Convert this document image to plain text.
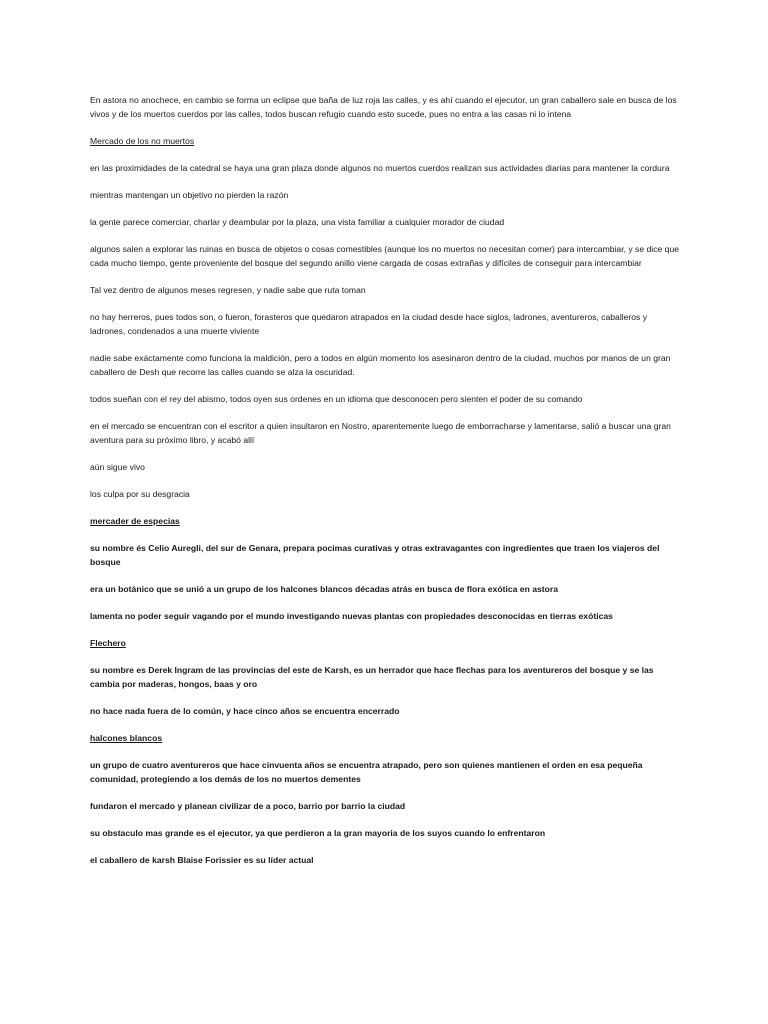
En astora no anochece, en cambio se forma un eclipse que baña de luz roja las calles, y es ahí cuando el ejecutor, un gran caballero sale en busca de los vivos y de los muertos cuerdos por las calles, todos buscan refugio cuando esto sucede, pues no entra a las casas ni lo intena

Mercado de los no muertos

en las proximidades de la catedral se haya una gran plaza donde algunos no muertos cuerdos realizan sus actividades diarias para mantener la cordura

mientras mantengan un objetivo no pierden la razón

la gente parece comerciar, charlar y deambular por la plaza, una vista familiar a cualquier morador de ciudad

algunos salen a explorar las ruinas en busca de objetos o cosas comestibles (aunque los no muertos no necesitan comer) para intercambiar, y se dice que cada mucho tiempo, gente proveniente del bosque del segundo anillo viene cargada de cosas extrañas y difíciles de conseguir para intercambiar

Tal vez dentro de algunos meses regresen, y nadie sabe que ruta toman

no hay herreros, pues todos son, o fueron, forasteros que quedaron atrapados en la ciudad desde hace siglos, ladrones, aventureros, caballeros y ladrones, condenados a una muerte viviente

nadie sabe exáctamente como funciona la maldición, pero a todos en algún momento los asesinaron dentro de la ciudad, muchos por manos de un gran caballero de Desh que recorre las calles cuando se alza la oscuridad.

todos sueñan con el rey del abismo, todos oyen sus ordenes en un idioma que desconocen pero sienten el poder de su comando

en el mercado se encuentran con el escritor a quien insultaron en Nostro, aparentemente luego de emborracharse y lamentarse, salió a buscar una gran aventura para su próximo libro, y acabó allí

aún sigue vivo

los culpa por su desgracia

mercader de especias

su nombre és Celio Auregli, del sur de Genara, prepara pocimas curativas y otras extravagantes con ingredientes que traen los viajeros del bosque

era un botánico que se unió a un grupo de los halcones blancos décadas atrás en busca de flora exótica en astora

lamenta no poder seguir vagando por el mundo investigando nuevas plantas con propiedades desconocidas en tierras exóticas

Flechero

su nombre es Derek Ingram de las provincias del este de Karsh, es un herrador que hace flechas para los aventureros del bosque y se las cambia por maderas, hongos, baas y oro

no hace nada fuera de lo común, y hace cinco años se encuentra encerrado

halcones blancos

un grupo de cuatro aventureros que hace cinvuenta años se encuentra atrapado, pero son quienes mantienen el orden en esa pequeña comunidad, protegiendo a los demás de los no muertos dementes

fundaron el mercado y planean civilizar de a poco, barrio por barrio la ciudad

su obstaculo mas grande es el ejecutor, ya que perdieron a la gran mayoria de los suyos cuando lo enfrentaron

el caballero de karsh Blaise Forissier es su líder actual
